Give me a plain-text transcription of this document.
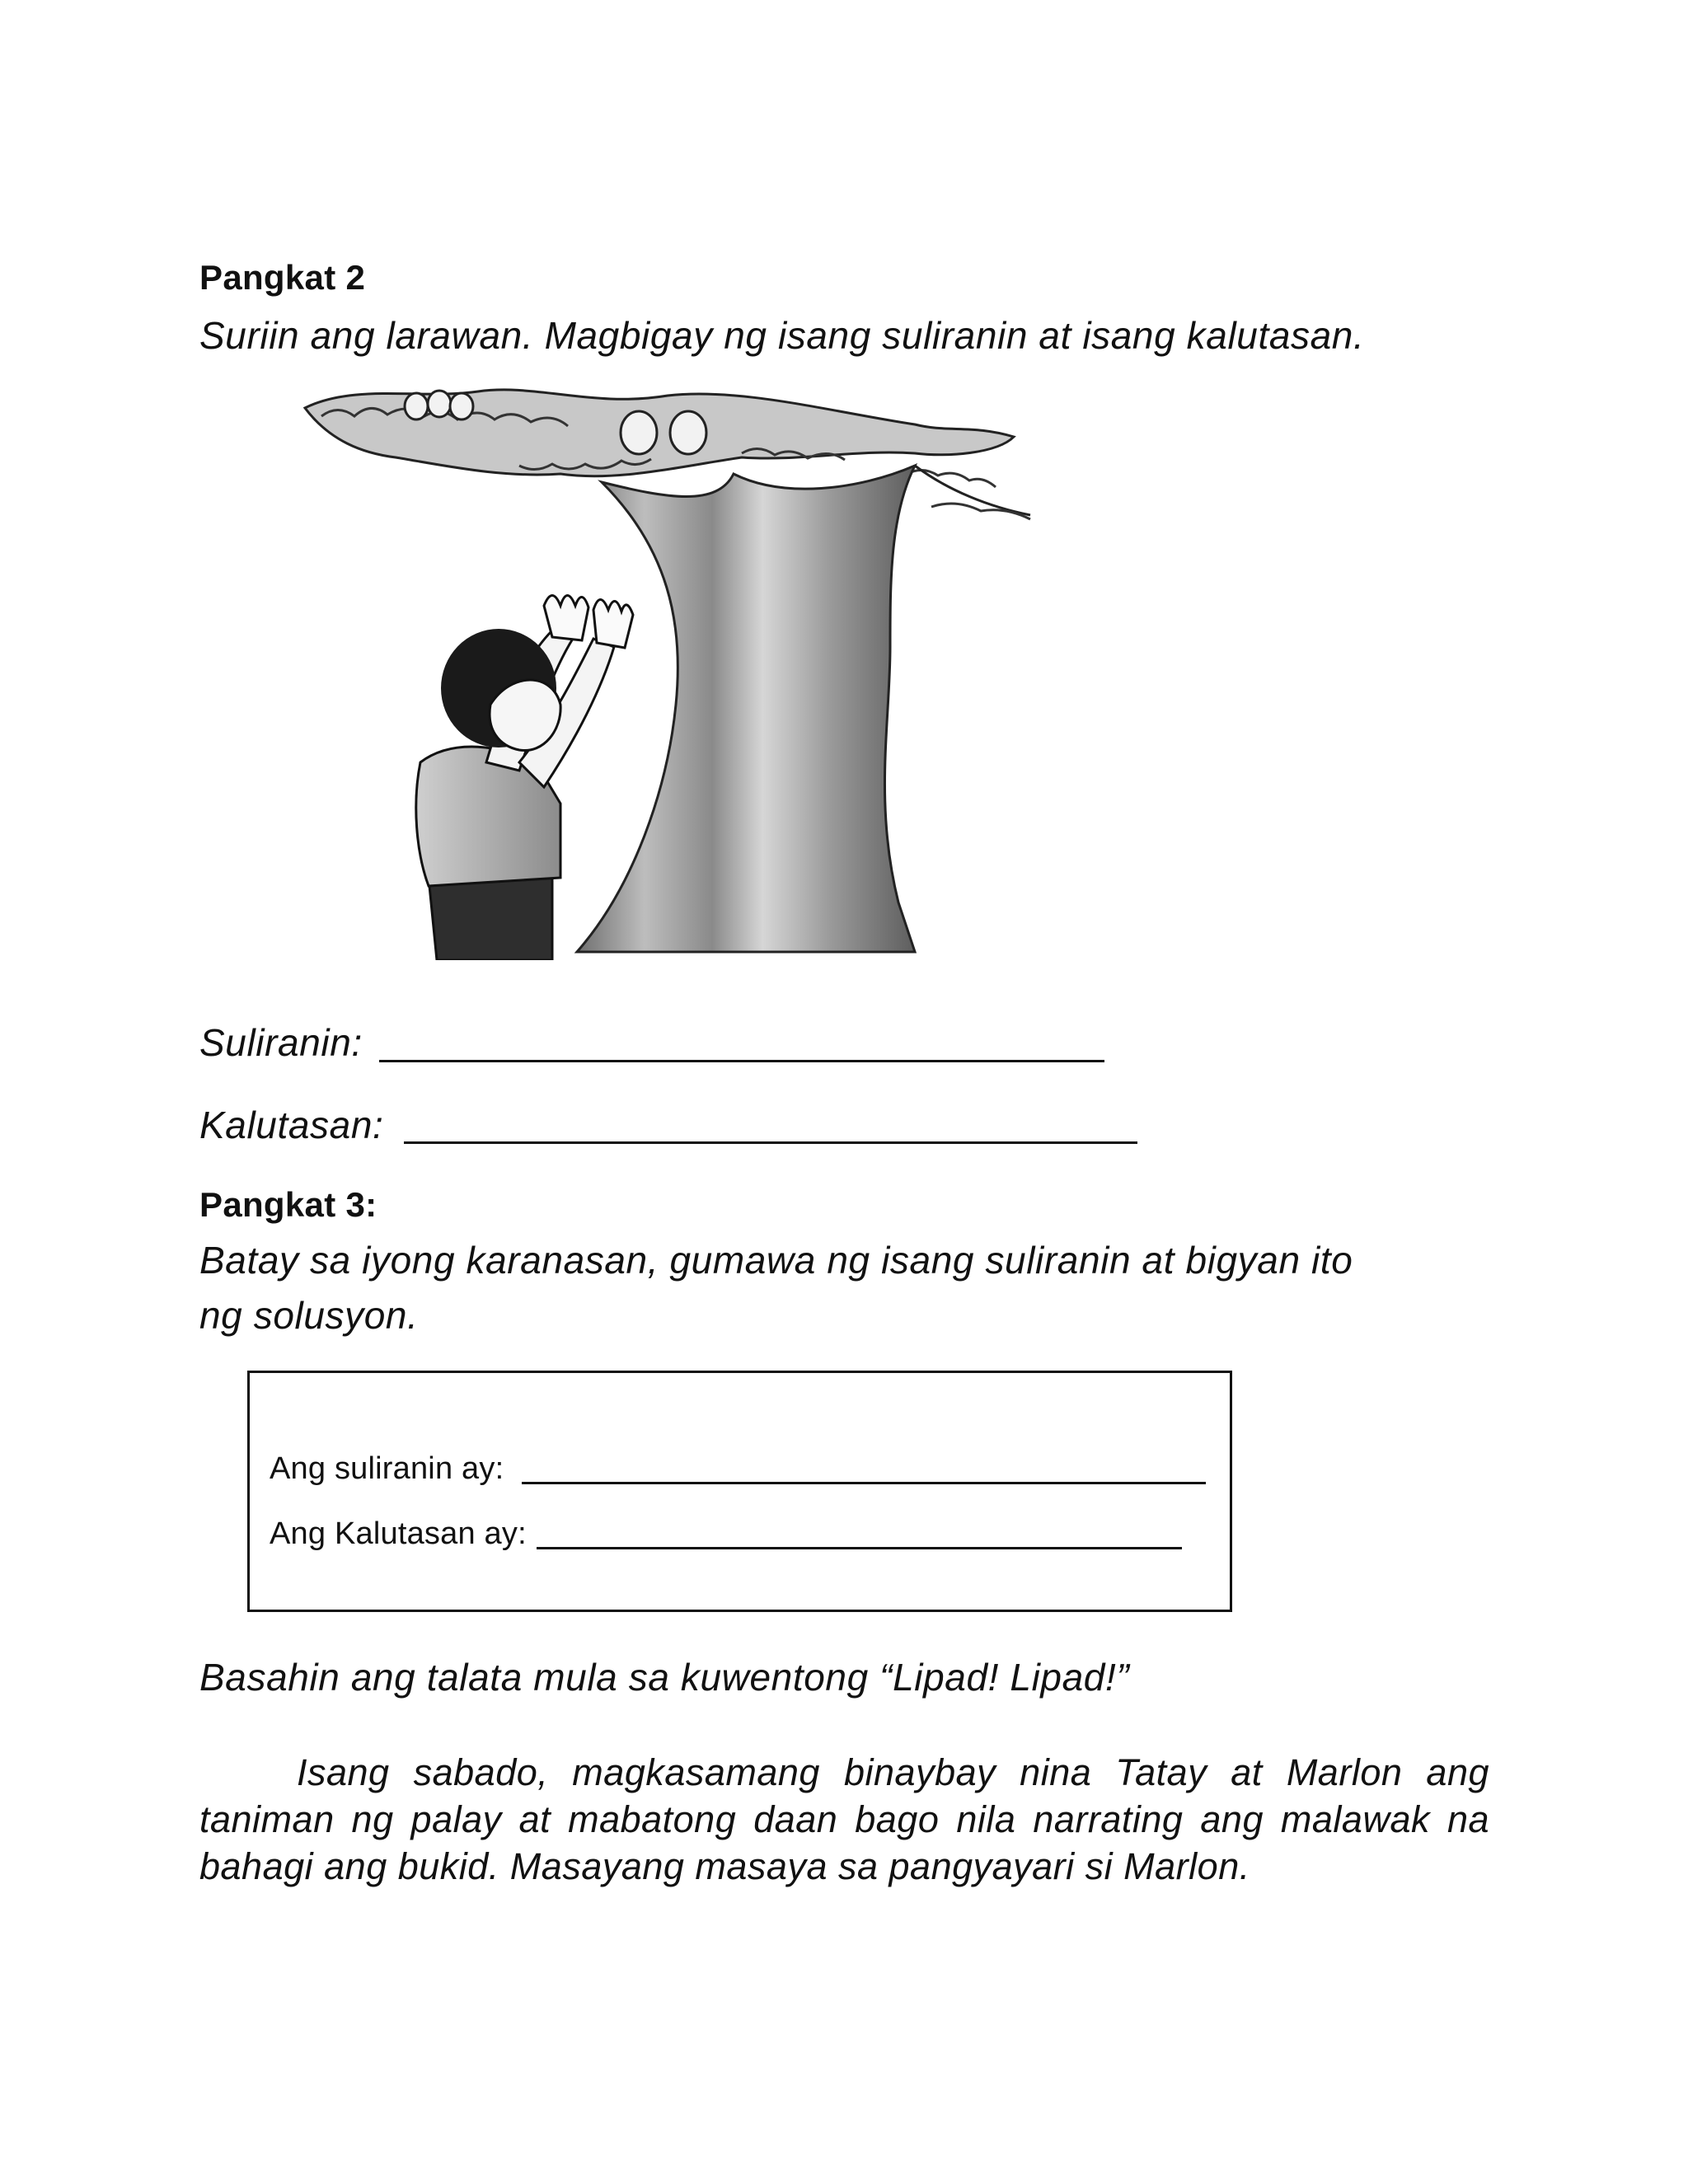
Pangkat 2
Suriin ang larawan. Magbigay ng isang suliranin at isang kalutasan.
Suliranin:
Kalutasan:
Pangkat 3:
Batay sa iyong karanasan, gumawa ng isang suliranin at bigyan ito
ng solusyon.
Ang suliranin ay:
Ang Kalutasan ay:
Basahin ang talata mula sa kuwentong “Lipad! Lipad!”
Isang sabado, magkasamang binaybay nina Tatay at Marlon ang taniman ng palay at mabatong daan bago nila narrating ang malawak na bahagi ang bukid. Masayang masaya sa pangyayari si Marlon.
